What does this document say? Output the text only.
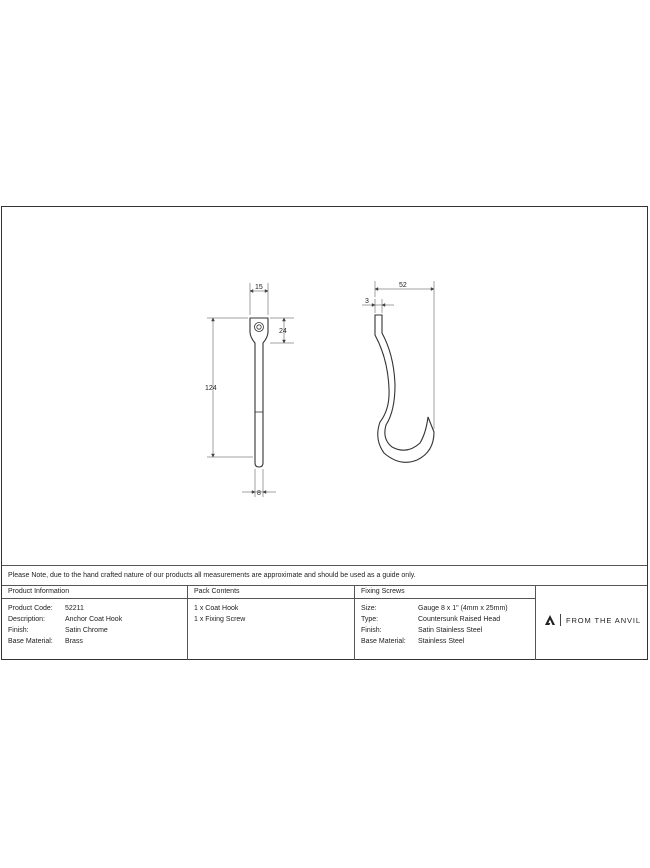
15
24
124
8
3
52
Please Note, due to the hand crafted nature of our products all measurements are approximate and should be used as a guide only.
Product Information
Product Code: 52211
Description:	Anchor Coat Hook
Finish:	Satin Chrome
Base Material: Brass
Pack Contents
1 x Coat Hook
1 x Fixing Screw
Fixing Screws
Size:	Gauge 8 x 1" (4mm x 25mm)
Type:	Countersunk Raised Head
Finish:	Satin Stainless Steel
Base Material: Stainless Steel
FROM THE ANVIL
